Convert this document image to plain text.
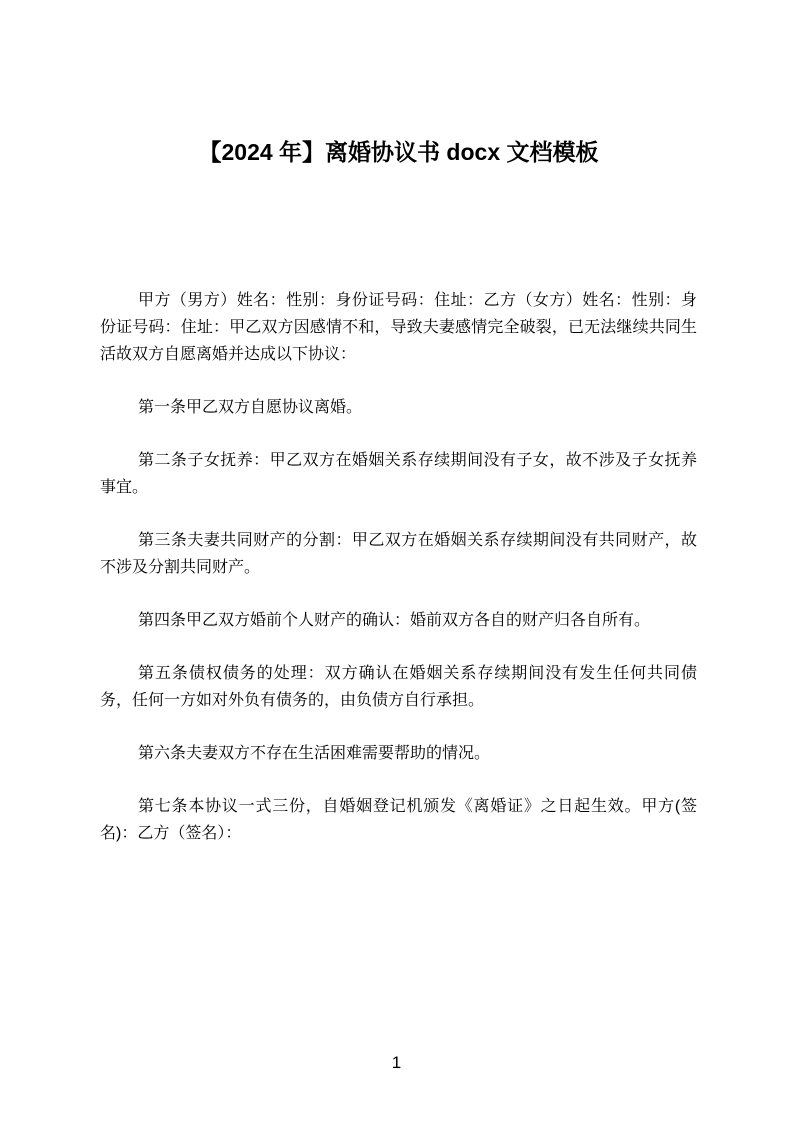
【2024 年】离婚协议书 docx 文档模板

甲方（男方）姓名：性别：身份证号码：住址：乙方（女方）姓名：性别：身份证号码：住址：甲乙双方因感情不和，导致夫妻感情完全破裂，已无法继续共同生活故双方自愿离婚并达成以下协议：

第一条甲乙双方自愿协议离婚。

第二条子女抚养：甲乙双方在婚姻关系存续期间没有子女，故不涉及子女抚养事宜。

第三条夫妻共同财产的分割：甲乙双方在婚姻关系存续期间没有共同财产，故不涉及分割共同财产。

第四条甲乙双方婚前个人财产的确认：婚前双方各自的财产归各自所有。

第五条债权债务的处理：双方确认在婚姻关系存续期间没有发生任何共同债务，任何一方如对外负有债务的，由负债方自行承担。

第六条夫妻双方不存在生活困难需要帮助的情况。

第七条本协议一式三份，自婚姻登记机颁发《离婚证》之日起生效。甲方(签名)：乙方（签名）：

1
